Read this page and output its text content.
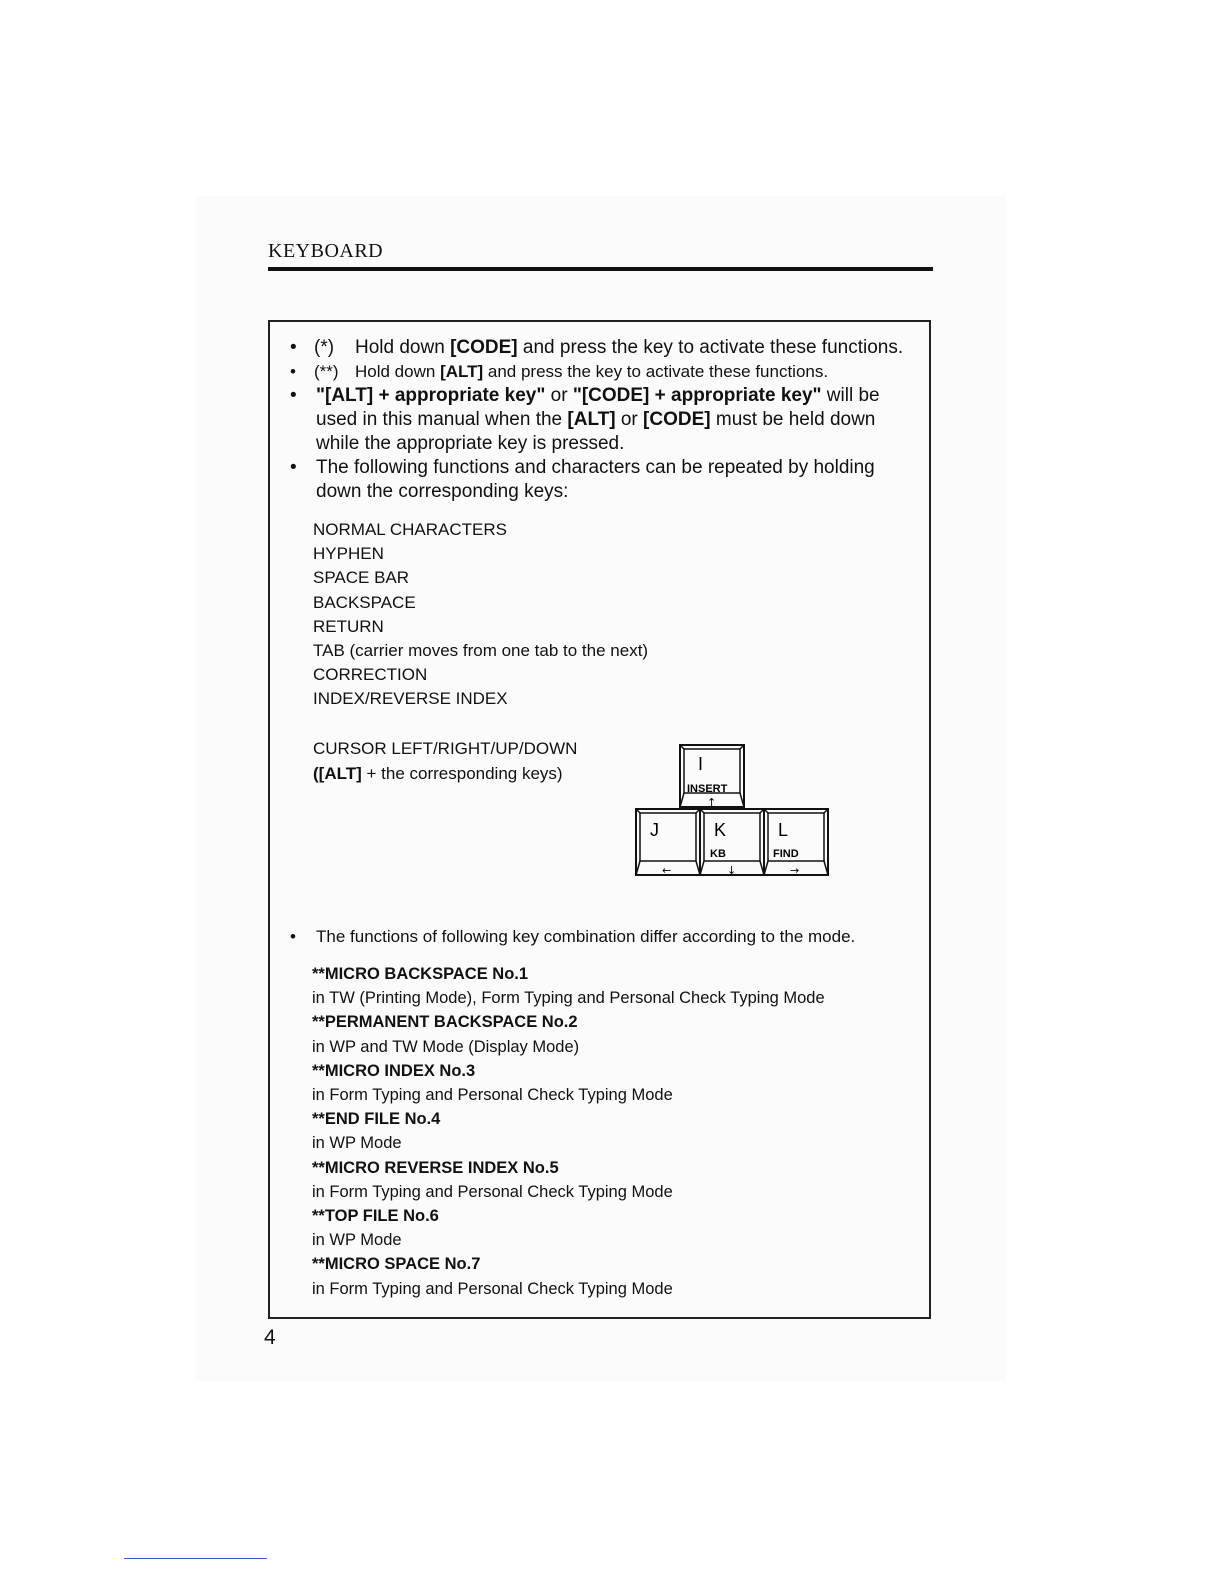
KEYBOARD
• (*) Hold down [CODE] and press the key to activate these functions.
• (**) Hold down [ALT] and press the key to activate these functions.
• "[ALT] + appropriate key" or "[CODE] + appropriate key" will be used in this manual when the [ALT] or [CODE] must be held down while the appropriate key is pressed.
• The following functions and characters can be repeated by holding down the corresponding keys:
NORMAL CHARACTERS
HYPHEN
SPACE BAR
BACKSPACE
RETURN
TAB (carrier moves from one tab to the next)
CORRECTION
INDEX/REVERSE INDEX
CURSOR LEFT/RIGHT/UP/DOWN
([ALT] + the corresponding keys)	I
INSERT
↑
J
←
K
KB
↓
L
FIND
→
• The functions of following key combination differ according to the mode.
**MICRO BACKSPACE No.1
in TW (Printing Mode), Form Typing and Personal Check Typing Mode
**PERMANENT BACKSPACE No.2
in WP and TW Mode (Display Mode)
**MICRO INDEX No.3
in Form Typing and Personal Check Typing Mode
**END FILE No.4
in WP Mode
**MICRO REVERSE INDEX No.5
in Form Typing and Personal Check Typing Mode
**TOP FILE No.6
in WP Mode
**MICRO SPACE No.7
in Form Typing and Personal Check Typing Mode
4
